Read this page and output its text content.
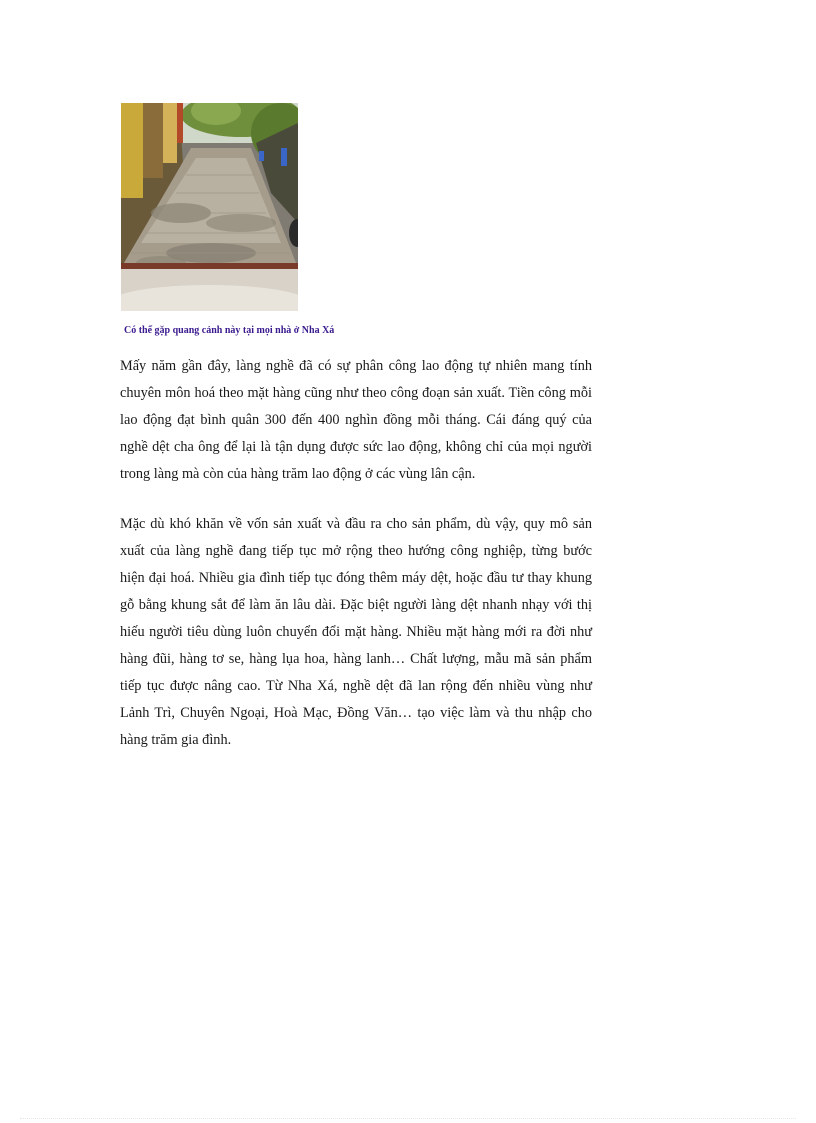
Có thể gặp quang cảnh này tại mọi nhà ở Nha Xá

Mấy năm gần đây, làng nghề đã có sự phân công lao động tự nhiên mang tính chuyên môn hoá theo mặt hàng cũng như theo công đoạn sản xuất. Tiền công mỗi lao động đạt bình quân 300 đến 400 nghìn đồng mỗi tháng. Cái đáng quý của nghề dệt cha ông để lại là tận dụng được sức lao động, không chỉ của mọi người trong làng mà còn của hàng trăm lao động ở các vùng lân cận.

Mặc dù khó khăn về vốn sản xuất và đầu ra cho sản phẩm, dù vậy, quy mô sản xuất của làng nghề đang tiếp tục mở rộng theo hướng công nghiệp, từng bước hiện đại hoá. Nhiều gia đình tiếp tục đóng thêm máy dệt, hoặc đầu tư thay khung gỗ bằng khung sắt để làm ăn lâu dài. Đặc biệt người làng dệt nhanh nhạy với thị hiếu người tiêu dùng luôn chuyển đổi mặt hàng. Nhiều mặt hàng mới ra đời như hàng đũi, hàng tơ se, hàng lụa hoa, hàng lanh… Chất lượng, mẫu mã sản phẩm tiếp tục được nâng cao. Từ Nha Xá, nghề dệt đã lan rộng đến nhiều vùng như Lảnh Trì, Chuyên Ngoại, Hoà Mạc, Đồng Văn… tạo việc làm và thu nhập cho hàng trăm gia đình.
